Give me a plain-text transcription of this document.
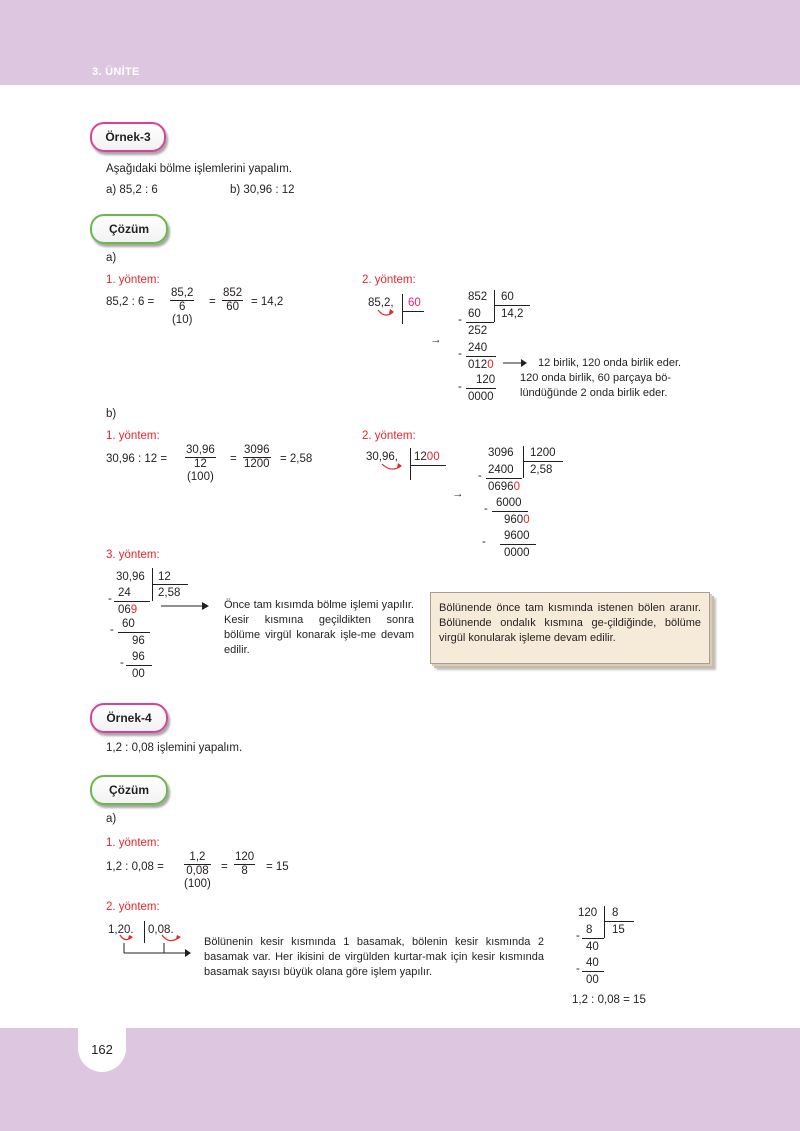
3. ÜNİTE
162
Örnek-3
Aşağıdaki bölme işlemlerini yapalım.
a) 85,2 : 6	b) 30,96 : 12
Çözüm
a)
1. yöntem:
85,2 : 6 =
85,2
6
(10)
= $\frac{852}{60} = 14,2$
2. yöntem:
85,2, 60
→
852 60
60 14,2
-
252
240
-
0120
120
-
0000
12 birlik, 120 onda birlik eder.
120 onda birlik, 60 parçaya bö-
lündüğünde 2 onda birlik eder.
b)
1. yöntem:
30,96 : 12 =
30,96
12
(100)
= $\frac{3096}{1200} = 2,58$
2. yöntem:
30,96, 1200
→
3096 1200
2400 2,58
-
06960
6000
-
9600
9600
-
0000
3. yöntem:
30,96 12
24 2,58
-
069
60
-
96
96
-
00
Önce tam kısımda bölme işlemi yapılır. Kesir kısmına geçildikten sonra bölüme virgül konarak işle-me devam edilir.
Bölünende önce tam kısmında istenen bölen aranır. Bölünende ondalık kısmına ge-çildiğinde, bölüme virgül konularak işleme devam edilir.
Örnek-4
1,2 : 0,08 işlemini yapalım.
Çözüm
a)
1. yöntem:
1,2 : 0,08 =
1,2
0,08
(100)
= $\frac{120}{8} = 15$
2. yöntem:
1,20. 0,08.
Bölünenin kesir kısmında 1 basamak, bölenin kesir kısmında 2 basamak var. Her ikisini de virgülden kurtar-mak için kesir kısmında basamak sayısı büyük olana göre işlem yapılır.
120 8
8 15
-
40
40
-
00
1,2 : 0,08 = 15
